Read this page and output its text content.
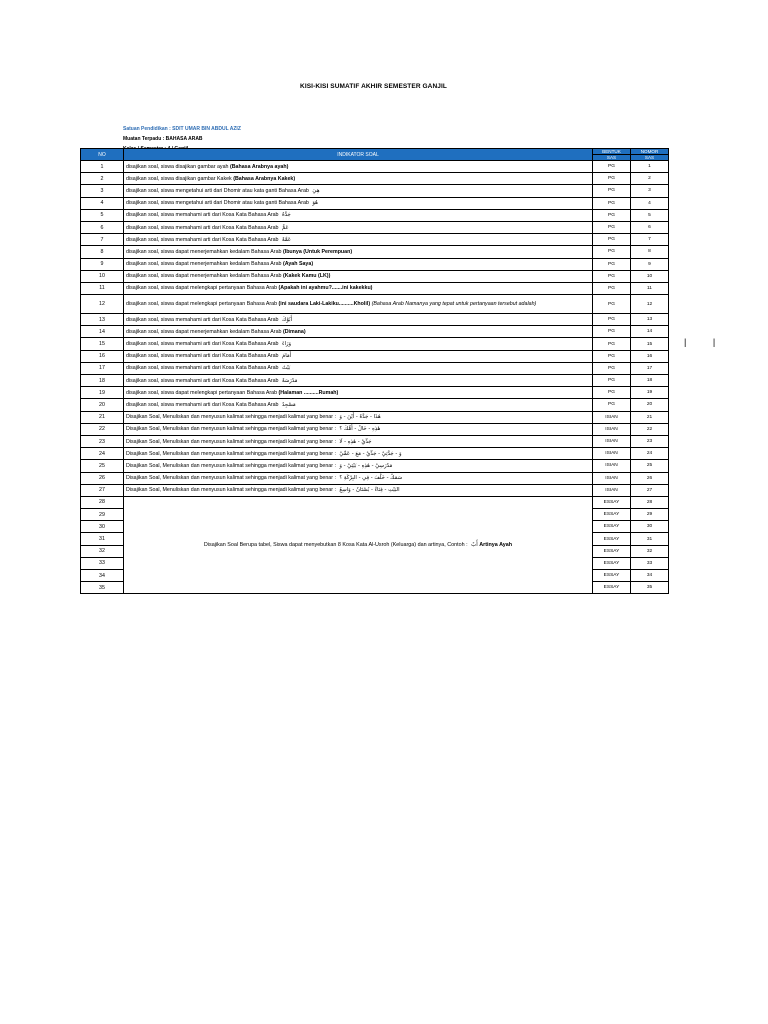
KISI-KISI SUMATIF AKHIR SEMESTER GANJIL
Satuan Pendidikan : SDIT UMAR BIN ABDUL AZIZ
Muatan Terpadu : BAHASA ARAB
NO	INDIKATOR SOAL	BENTUK	NOMOR
		SAS	SAS
1	disajikan soal, siswa disajikan gambar ayah (Bahasa Arabnya ayah)	PG	1
2	disajikan soal, siswa disajikan gambar Kakek (Bahasa Arabnya Kakek)	PG	2
3	disajikan soal, siswa mengetahui arti dari Dhomir atau kata ganti Bahasa Arab هِيَ	PG	3
4	disajikan soal, siswa mengetahui arti dari Dhomir atau kata ganti Bahasa Arab هُوَ	PG	4
5	disajikan soal, siswa memahami arti dari Kosa Kata Bahasa Arab جَدَّةٌ	PG	5
6	disajikan soal, siswa memahami arti dari Kosa Kata Bahasa Arab عَمٌّ	PG	6
7	disajikan soal, siswa memahami arti dari Kosa Kata Bahasa Arab عَمَّةٌ	PG	7
8	disajikan soal, siswa dapat menerjemahkan kedalam Bahasa Arab (Ibunya (Untuk Perempuan)	PG	8
9	disajikan soal, siswa dapat menerjemahkan kedalam Bahasa Arab (Ayah Saya)	PG	9
10	disajikan soal, siswa dapat menerjemahkan kedalam Bahasa Arab (Kakek Kamu (LK))	PG	10
11	disajikan soal, siswa dapat melengkapi pertanyaan Bahasa Arab (Apakah ini ayahmu?.......ini kakekku)	PG	11
12	disajikan soal, siswa dapat melengkapi pertanyaan Bahasa Arab (ini saudara Laki-Lakiku..........Kholil) (Bahasa Arab Namanya yang tepat untuk pertanyaan tersebut adalah)	PG	12
13	disajikan soal, siswa memahami arti dari Kosa Kata Bahasa Arab أَبُوْكَ	PG	13
14	disajikan soal, siswa dapat menerjemahkan kedalam Bahasa Arab (Dimana)	PG	14
15	disajikan soal, siswa memahami arti dari Kosa Kata Bahasa Arab وَرَاءَ	PG	15
16	disajikan soal, siswa memahami arti dari Kosa Kata Bahasa Arab أَمَامَ	PG	16
17	disajikan soal, siswa memahami arti dari Kosa Kata Bahasa Arab بَيْتٌ	PG	17
18	disajikan soal, siswa memahami arti dari Kosa Kata Bahasa Arab مَدْرَسَةٌ	PG	18
19	disajikan soal, siswa dapat melengkapi pertanyaan Bahasa Arab (Halaman ..........Rumah)	PG	19
20	disajikan soal, siswa memahami arti dari Kosa Kata Bahasa Arab مَسْجِدٌ	PG	20
21	Disajikan Soal, Menuliskan dan menyusun kalimat sehingga menjadi kalimat yang benar : هٰذَا - جَدَّةٌ - أَيْنَ - وَ	ISIAN	21
22	Disajikan Soal, Menuliskan dan menyusun kalimat sehingga menjadi kalimat yang benar : هٰذِهِ - خَالٌ - أُمُّكَ ؟	ISIAN	22
23	Disajikan Soal, Menuliskan dan menyusun kalimat sehingga menjadi kalimat yang benar : جَدِّيْ - هٰذِهِ - لَا	ISIAN	23
24	Disajikan Soal, Menuliskan dan menyusun kalimat sehingga menjadi kalimat yang benar : وَ - جَدَّتِيْ - جَدِّيْ - مَعَ - عَمِّيْ	ISIAN	24
25	Disajikan Soal, Menuliskan dan menyusun kalimat sehingga menjadi kalimat yang benar : مَدْرَسِيْ - هٰذِهِ - بَيْتِيْ - وَ	ISIAN	25
26	Disajikan Soal, Menuliskan dan menyusun kalimat sehingga menjadi kalimat yang benar : سَمَكٌ - خَلْفَ - فِي - البِرْكَةِ ؟	ISIAN	26
27	Disajikan Soal, Menuliskan dan menyusun kalimat sehingga menjadi kalimat yang benar : البَيْتِ - فِنَاءُ - بُسْتَانٌ - وَاسِعٌ	ISIAN	27
28	Disajikan Soal Berupa tabel, Siswa dapat menyebutkan 8 Kosa Kata Al-Usroh (Keluarga) dan artinya, Contoh : أَبٌ Artinya Ayah	ESSAY	28
29		ESSAY	29
30		ESSAY	30
31		ESSAY	31
32		ESSAY	32
33		ESSAY	33
34		ESSAY	34
35		ESSAY	35
| |
